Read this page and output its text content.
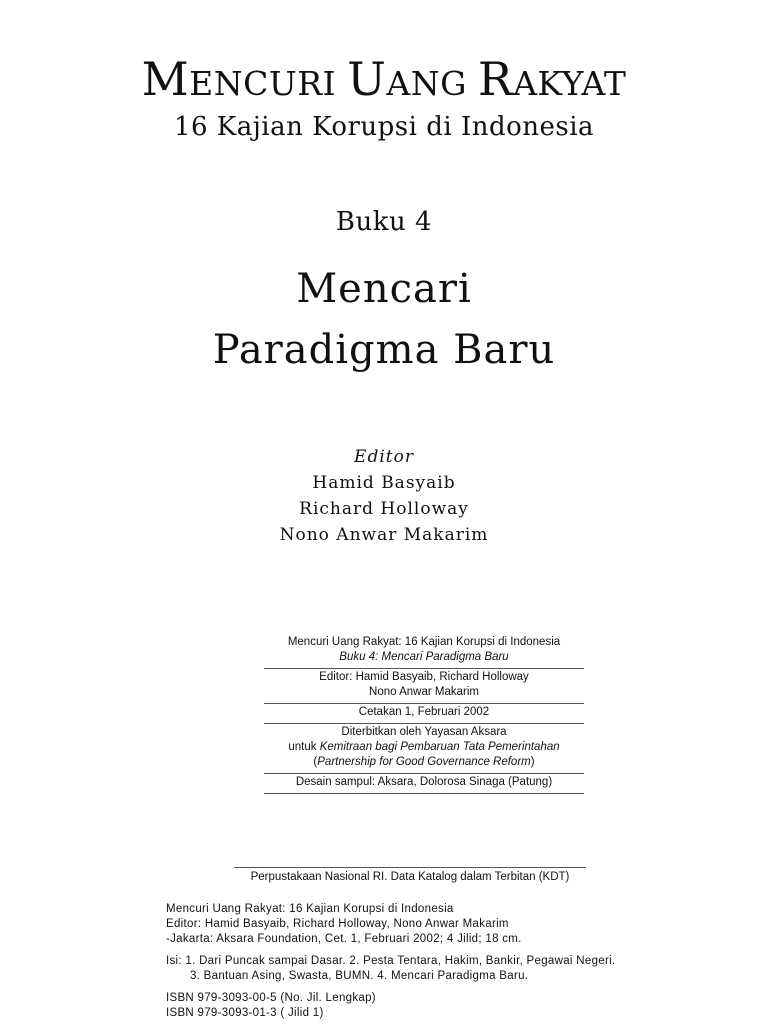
MENCURI UANG RAKYAT
16 Kajian Korupsi di Indonesia
Buku 4
Mencari
Paradigma Baru
Editor
Hamid Basyaib
Richard Holloway
Nono Anwar Makarim
Mencuri Uang Rakyat: 16 Kajian Korupsi di Indonesia
Buku 4: Mencari Paradigma Baru
Editor: Hamid Basyaib, Richard Holloway
Nono Anwar Makarim
Cetakan 1, Februari 2002
Diterbitkan oleh Yayasan Aksara
untuk Kemitraan bagi Pembaruan Tata Pemerintahan
(Partnership for Good Governance Reform)
Desain sampul: Aksara, Dolorosa Sinaga (Patung)
Perpustakaan Nasional RI. Data Katalog dalam Terbitan (KDT)
Mencuri Uang Rakyat: 16 Kajian Korupsi di Indonesia
Editor: Hamid Basyaib, Richard Holloway, Nono Anwar Makarim
-Jakarta: Aksara Foundation, Cet. 1, Februari 2002; 4 Jilid; 18 cm.
Isi: 1. Dari Puncak sampai Dasar. 2. Pesta Tentara, Hakim, Bankir, Pegawai Negeri.
3. Bantuan Asing, Swasta, BUMN. 4. Mencari Paradigma Baru.
ISBN 979-3093-00-5 (No. Jil. Lengkap)
ISBN 979-3093-01-3 ( Jilid 1)
